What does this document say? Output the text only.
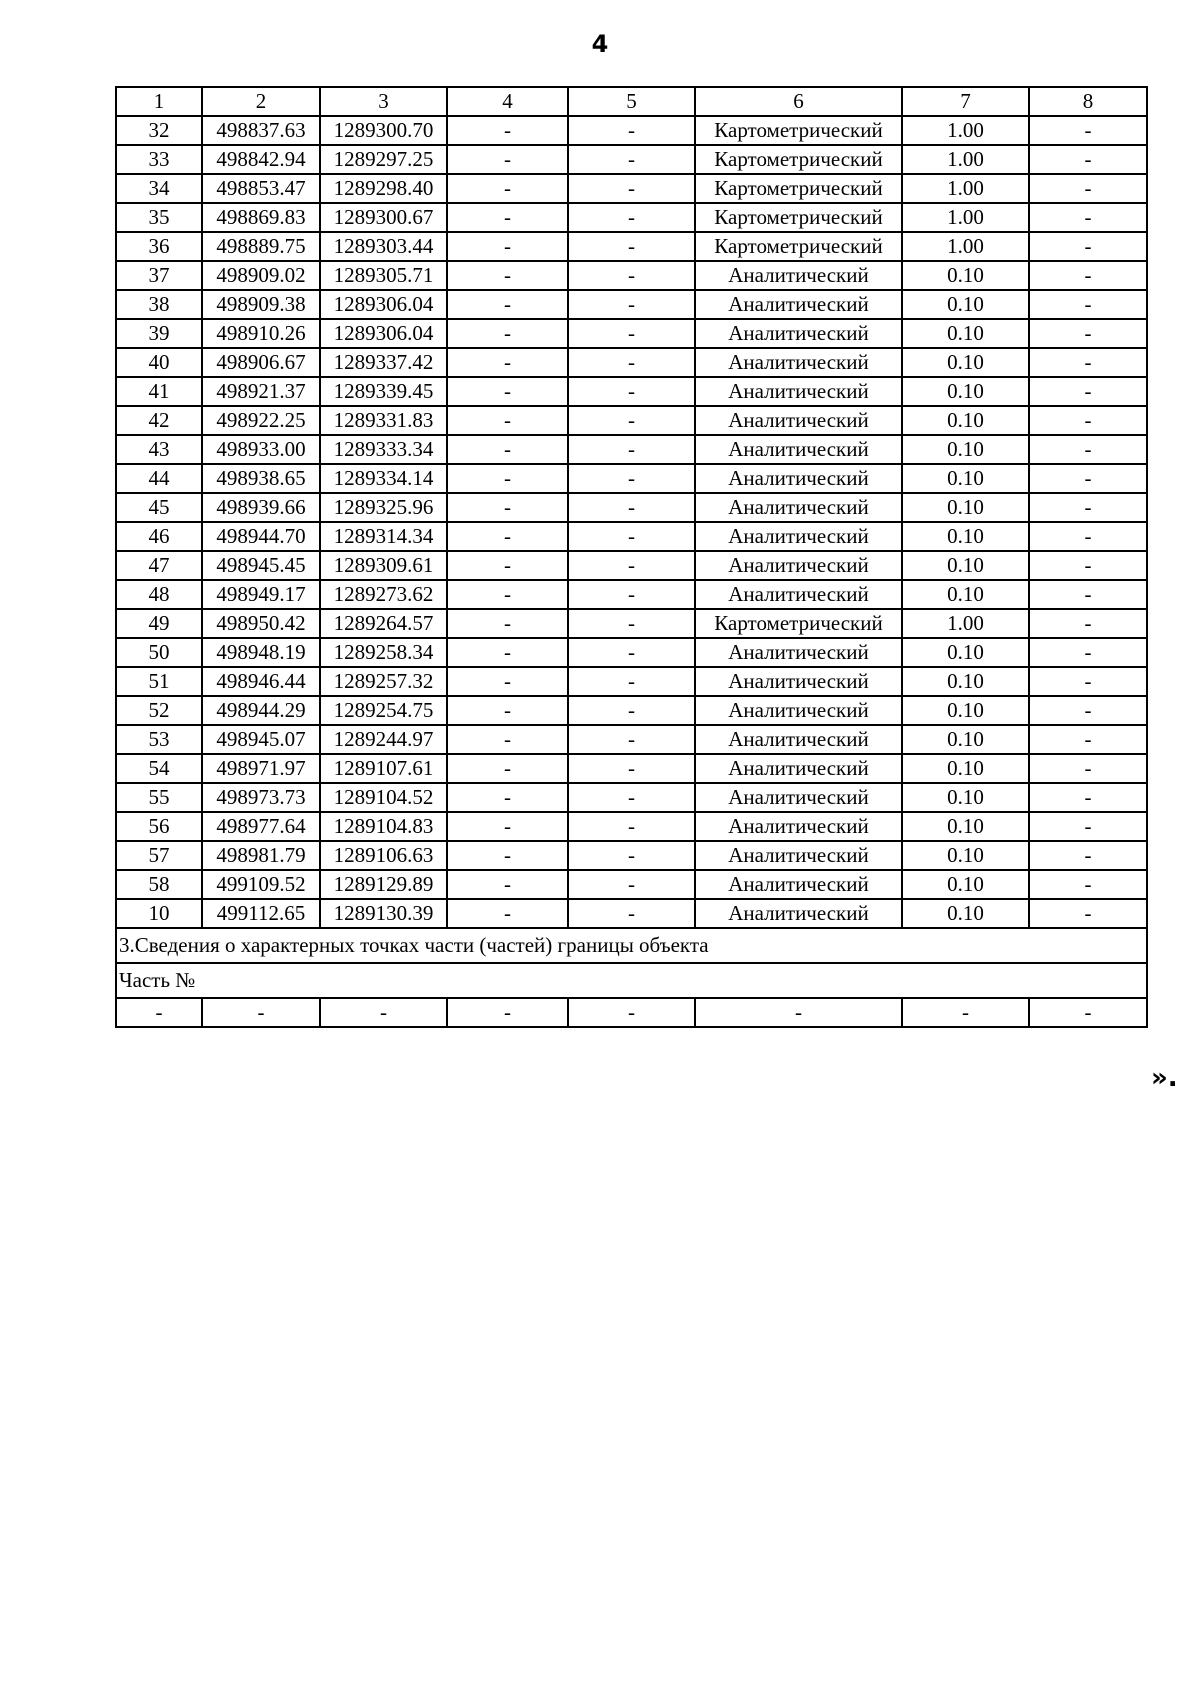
4
1	2	3	4	5	6	7	8
32	498837.63	1289300.70	-	-	Картометрический	1.00	-
33	498842.94	1289297.25	-	-	Картометрический	1.00	-
34	498853.47	1289298.40	-	-	Картометрический	1.00	-
35	498869.83	1289300.67	-	-	Картометрический	1.00	-
36	498889.75	1289303.44	-	-	Картометрический	1.00	-
37	498909.02	1289305.71	-	-	Аналитический	0.10	-
38	498909.38	1289306.04	-	-	Аналитический	0.10	-
39	498910.26	1289306.04	-	-	Аналитический	0.10	-
40	498906.67	1289337.42	-	-	Аналитический	0.10	-
41	498921.37	1289339.45	-	-	Аналитический	0.10	-
42	498922.25	1289331.83	-	-	Аналитический	0.10	-
43	498933.00	1289333.34	-	-	Аналитический	0.10	-
44	498938.65	1289334.14	-	-	Аналитический	0.10	-
45	498939.66	1289325.96	-	-	Аналитический	0.10	-
46	498944.70	1289314.34	-	-	Аналитический	0.10	-
47	498945.45	1289309.61	-	-	Аналитический	0.10	-
48	498949.17	1289273.62	-	-	Аналитический	0.10	-
49	498950.42	1289264.57	-	-	Картометрический	1.00	-
50	498948.19	1289258.34	-	-	Аналитический	0.10	-
51	498946.44	1289257.32	-	-	Аналитический	0.10	-
52	498944.29	1289254.75	-	-	Аналитический	0.10	-
53	498945.07	1289244.97	-	-	Аналитический	0.10	-
54	498971.97	1289107.61	-	-	Аналитический	0.10	-
55	498973.73	1289104.52	-	-	Аналитический	0.10	-
56	498977.64	1289104.83	-	-	Аналитический	0.10	-
57	498981.79	1289106.63	-	-	Аналитический	0.10	-
58	499109.52	1289129.89	-	-	Аналитический	0.10	-
10	499112.65	1289130.39	-	-	Аналитический	0.10	-
3.Сведения о характерных точках части (частей) границы объекта							
Часть №							
-	-	-	-	-	-	-	-
».
